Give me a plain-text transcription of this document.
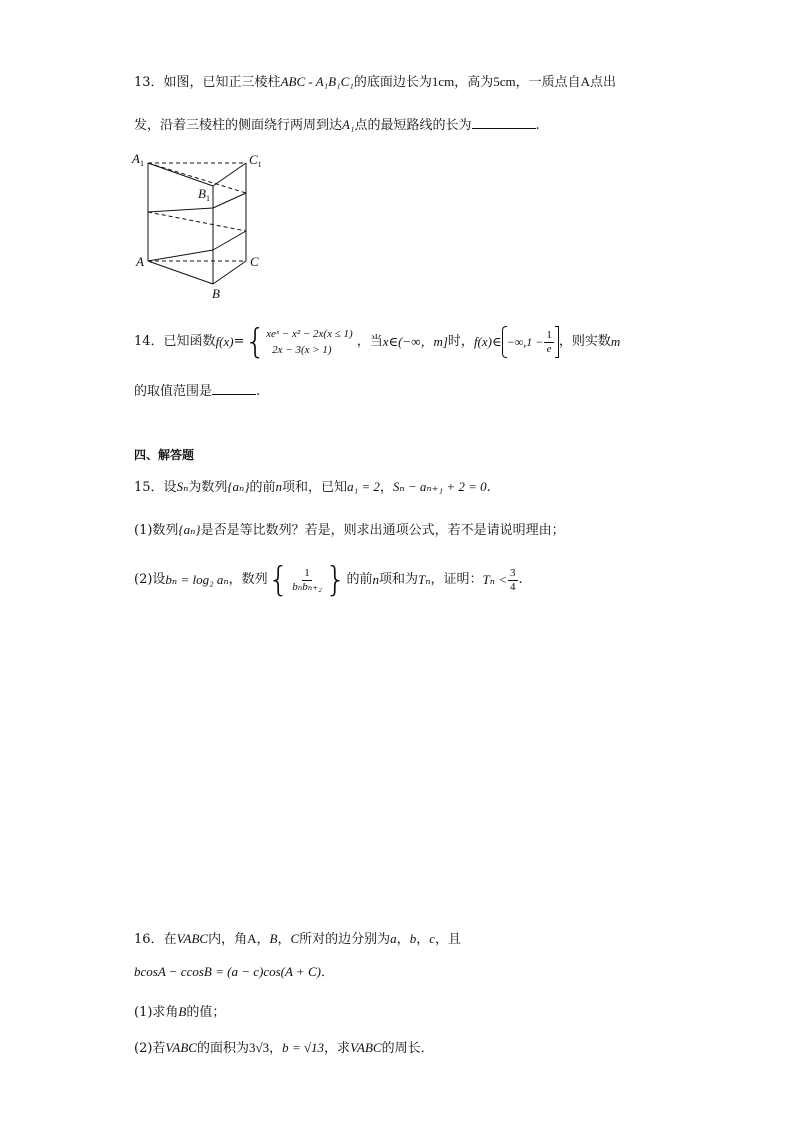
13．如图，已知正三棱柱ABC - A₁B₁C₁的底面边长为1cm，高为5cm，一质点自A点出
发，沿着三棱柱的侧面绕行两周到达A₁点的最短路线的长为	.
$A_1$	$C_1$
$B_1$
A	C
B
14． 已知函数 f(x) = { xeˣ − x² − 2x(x ≤ 1)
2x − 3(x > 1)
，当 x∈(−∞，m] 时， f(x)∈ $-\infty,1 - \frac{1}{e}$ ，则实数 m
的取值范围是	.
四、解答题
15．设Sₙ为数列{aₙ}的前n项和，已知a₁ = 2，Sₙ − aₙ₊₁ + 2 = 0.
(1)数列{aₙ}是否是等比数列？若是，则求出通项公式，若不是请说明理由；
(2)设 bₙ = log₂ aₙ ，数列 { $\frac{1}{\text{bₙbₙ₊₂}}$ } 的前 n 项和为 Tₙ ，证明： $T_n < \frac{3}{4}$ .
16．在VABC内，角A，B，C所对的边分别为a，b，c，且
bcosA − ccosB = (a − c)cos(A + C)．
(1)求角B的值；
(2)若VABC的面积为3√3，b = √13，求VABC的周长．
